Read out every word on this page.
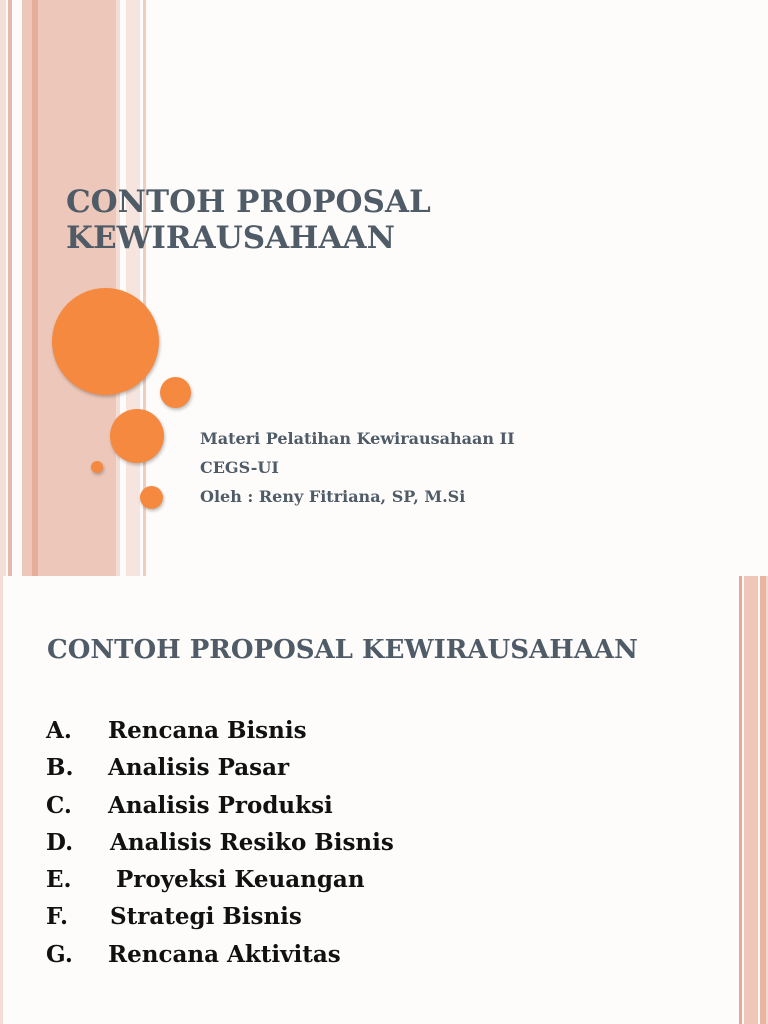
CONTOH PROPOSAL
KEWIRAUSAHAAN
Materi Pelatihan Kewirausahaan II
CEGS-UI
Oleh : Reny Fitriana, SP, M.Si
CONTOH PROPOSAL KEWIRAUSAHAAN
A. Rencana Bisnis
B. Analisis Pasar
C. Analisis Produksi
D. Analisis Resiko Bisnis
E. Proyeksi Keuangan
F. Strategi Bisnis
G. Rencana Aktivitas
